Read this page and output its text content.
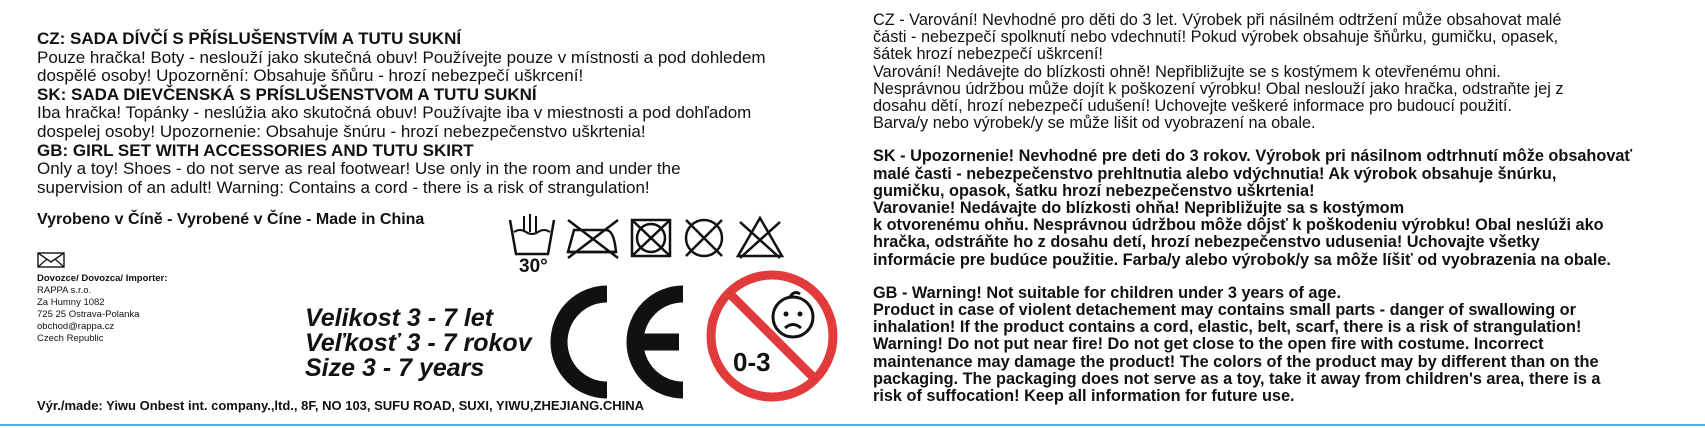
CZ: SADA DÍVČÍ S PŘÍSLUŠENSTVÍM A TUTU SUKNÍ

Pouze hračka! Boty - neslouží jako skutečná obuv! Používejte pouze v místnosti a pod dohledem

dospělé osoby! Upozornění: Obsahuje šňůru - hrozí nebezpečí uškrcení!

SK: SADA DIEVČENSKÁ S PRÍSLUŠENSTVOM A TUTU SUKNÍ

Iba hračka! Topánky - neslúžia ako skutočná obuv! Používajte iba v miestnosti a pod dohľadom

dospelej osoby! Upozornenie: Obsahuje šnúru - hrozí nebezpečenstvo uškrtenia!

GB: GIRL SET WITH ACCESSORIES AND TUTU SKIRT

Only a toy! Shoes - do not serve as real footwear! Use only in the room and under the

supervision of an adult! Warning: Contains a cord - there is a risk of strangulation!

Vyrobeno v Číně - Vyrobené v Číne - Made in China

Dovozce/ Dovozca/ Importer:
RAPPA s.r.o.
Za Humny 1082
725 25 Ostrava-Polanka
obchod@rappa.cz
Czech Republic
30°
Velikost 3 - 7 let
Veľkosť 3 - 7 rokov
Size 3 - 7 years	0-3
Výr./made: Yiwu Onbest int. company.,ltd., 8F, NO 103, SUFU ROAD, SUXI, YIWU,ZHEJIANG.CHINA

CZ - Varování! Nevhodné pro děti do 3 let. Výrobek při násilném odtržení může obsahovat malé

části - nebezpečí spolknutí nebo vdechnutí! Pokud výrobek obsahuje šňůrku, gumičku, opasek,

šátek hrozí nebezpečí uškrcení!

Varování! Nedávejte do blízkosti ohně! Nepřibližujte se s kostýmem k otevřenému ohni.

Nesprávnou údržbou může dojít k poškození výrobku! Obal neslouží jako hračka, odstraňte jej z

dosahu dětí, hrozí nebezpečí udušení! Uchovejte veškeré informace pro budoucí použití.

Barva/y nebo výrobek/y se může lišit od vyobrazení na obale.

SK - Upozornenie! Nevhodné pre deti do 3 rokov. Výrobok pri násilnom odtrhnutí môže obsahovať

malé časti - nebezpečenstvo prehltnutia alebo vdýchnutia! Ak výrobok obsahuje šnúrku,

gumičku, opasok, šatku hrozí nebezpečenstvo uškrtenia!

Varovanie! Nedávajte do blízkosti ohňa! Nepribližujte sa s kostýmom

k otvorenému ohňu. Nesprávnou údržbou môže dôjsť k poškodeniu výrobku! Obal neslúži ako

hračka, odstráňte ho z dosahu detí, hrozí nebezpečenstvo udusenia! Uchovajte všetky

informácie pre budúce použitie. Farba/y alebo výrobok/y sa môže líšiť od vyobrazenia na obale.

GB - Warning! Not suitable for children under 3 years of age.

Product in case of violent detachement may contains small parts - danger of swallowing or

inhalation! If the product contains a cord, elastic, belt, scarf, there is a risk of strangulation!

Warning! Do not put near fire! Do not get close to the open fire with costume. Incorrect

maintenance may damage the product! The colors of the product may by different than on the

packaging. The packaging does not serve as a toy, take it away from children's area, there is a

risk of suffocation! Keep all information for future use.
